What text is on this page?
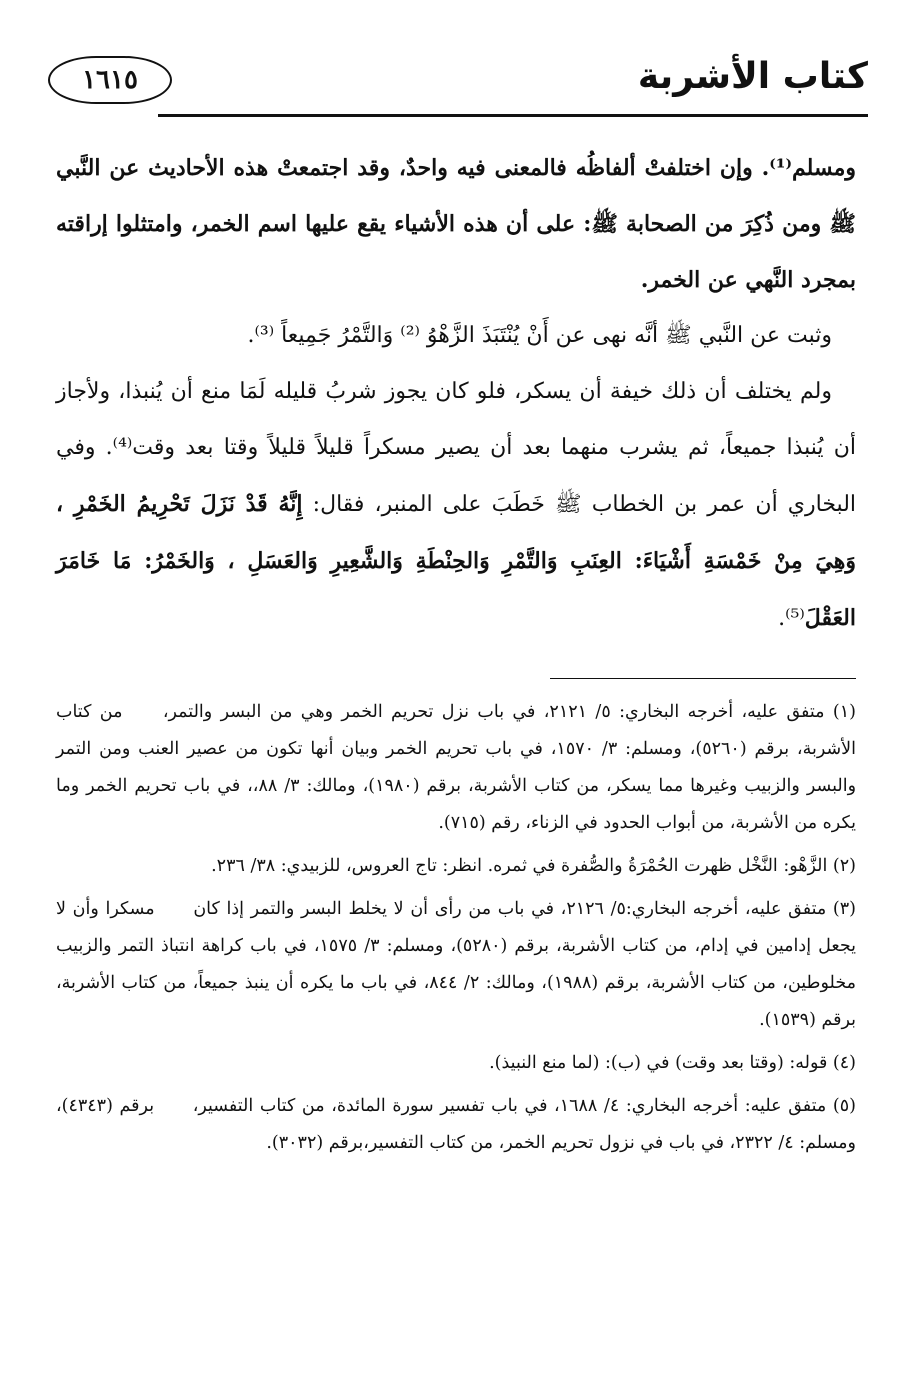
١٦١٥	كتاب الأشربة

ومسلم⁽¹⁾. وإن اختلفتْ ألفاظُه فالمعنى فيه واحدٌ، وقد اجتمعتْ هذه الأحاديث عن النَّبي ﷺ ومن ذُكِرَ من الصحابة ﷺ: على أن هذه الأشياء يقع عليها اسم الخمر، وامتثلوا إراقته بمجرد النَّهي عن الخمر.

وثبت عن النَّبي ﷺ أنَّه نهى عن أَنْ يُنْتَبَذَ الزَّهْوُ ⁽²⁾ وَالتَّمْرُ جَمِيعاً ⁽³⁾.

ولم يختلف أن ذلك خيفة أن يسكر، فلو كان يجوز شربُ قليله لَمَا منع أن يُنبذا، ولأجاز أن يُنبذا جميعاً، ثم يشرب منهما بعد أن يصير مسكراً قليلاً قليلاً وقتا بعد وقت⁽⁴⁾. وفي البخاري أن عمر بن الخطاب ﷺ خَطَبَ على المنبر، فقال: إِنَّهُ قَدْ نَزَلَ تَحْرِيمُ الخَمْرِ ، وَهِيَ مِنْ خَمْسَةِ أَشْيَاءَ: العِنَبِ وَالتَّمْرِ وَالحِنْطَةِ وَالشَّعِيرِ وَالعَسَلِ ، وَالخَمْرُ: مَا خَامَرَ العَقْلَ⁽⁵⁾.

(١) متفق عليه، أخرجه البخاري: ٥/ ٢١٢١، في باب نزل تحريم الخمر وهي من البسر والتمر، من كتاب الأشربة، برقم (٥٢٦٠)، ومسلم: ٣/ ١٥٧٠، في باب تحريم الخمر وبيان أنها تكون من عصير العنب ومن التمر والبسر والزبيب وغيرها مما يسكر، من كتاب الأشربة، برقم (١٩٨٠)، ومالك: ٣/ ٨٨،، في باب تحريم الخمر وما يكره من الأشربة، من أبواب الحدود في الزناء، رقم (٧١٥).

(٢) الزَّهْو: النَّخْل ظهرت الحُمْرَةُ والصُّفرة في ثمره. انظر: تاج العروس، للزبيدي: ٣٨/ ٢٣٦.

(٣) متفق عليه، أخرجه البخاري:٥/ ٢١٢٦، في باب من رأى أن لا يخلط البسر والتمر إذا كان مسكرا وأن لا يجعل إدامين في إدام، من كتاب الأشربة، برقم (٥٢٨٠)، ومسلم: ٣/ ١٥٧٥، في باب كراهة انتباذ التمر والزبيب مخلوطين، من كتاب الأشربة، برقم (١٩٨٨)، ومالك: ٢/ ٨٤٤، في باب ما يكره أن ينبذ جميعاً، من كتاب الأشربة، برقم (١٥٣٩).

(٤) قوله: (وقتا بعد وقت) في (ب): (لما منع النبيذ).

(٥) متفق عليه: أخرجه البخاري: ٤/ ١٦٨٨، في باب تفسير سورة المائدة، من كتاب التفسير، برقم (٤٣٤٣)، ومسلم: ٤/ ٢٣٢٢، في باب في نزول تحريم الخمر، من كتاب التفسير،برقم (٣٠٣٢).
